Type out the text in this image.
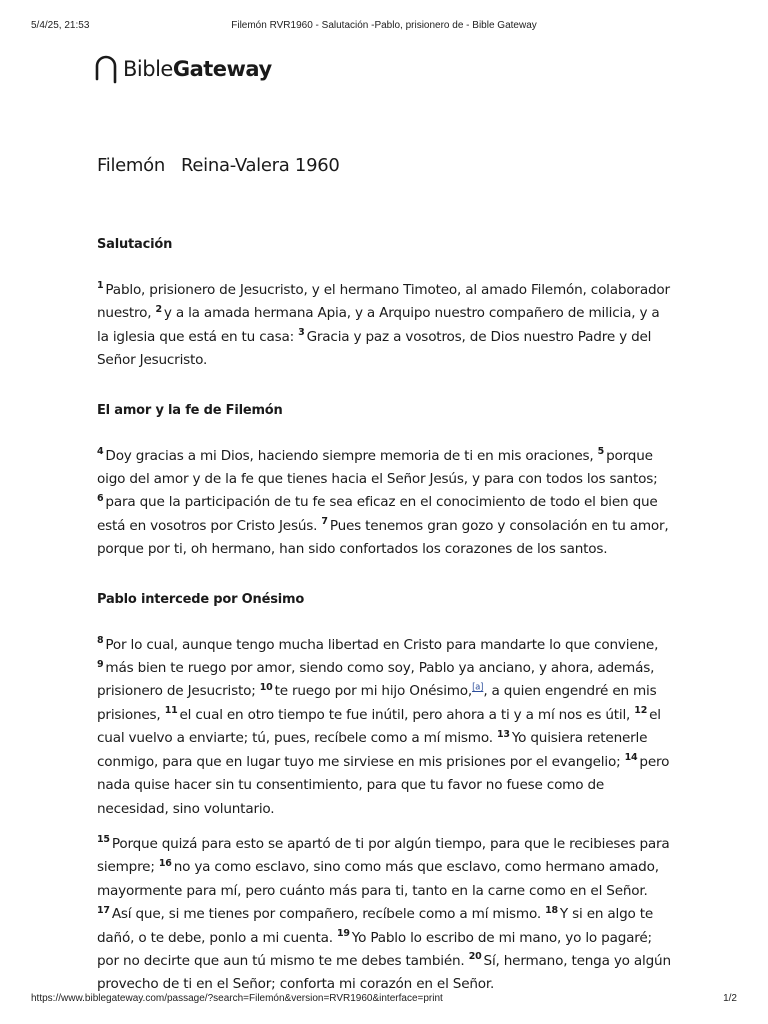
5/4/25, 21:53	Filemón RVR1960 - Salutación -Pablo, prisionero de - Bible Gateway
BibleGateway
Filemón Reina-Valera 1960
Salutación

$^1$ Pablo, prisionero de Jesucristo, y el hermano Timoteo, al amado Filemón, colaborador nuestro, $^2$ y a la amada hermana Apia, y a Arquipo nuestro compañero de milicia, y a la iglesia que está en tu casa: $^3$ Gracia y paz a vosotros, de Dios nuestro Padre y del Señor Jesucristo.

El amor y la fe de Filemón

$^4$ Doy gracias a mi Dios, haciendo siempre memoria de ti en mis oraciones, $^5$ porque oigo del amor y de la fe que tienes hacia el Señor Jesús, y para con todos los santos; $^6$ para que la participación de tu fe sea eficaz en el conocimiento de todo el bien que está en vosotros por Cristo Jesús. $^7$ Pues tenemos gran gozo y consolación en tu amor, porque por ti, oh hermano, han sido confortados los corazones de los santos.

Pablo intercede por Onésimo

$^8$ Por lo cual, aunque tengo mucha libertad en Cristo para mandarte lo que conviene, $^9$ más bien te ruego por amor, siendo como soy, Pablo ya anciano, y ahora, además, prisionero de Jesucristo; $^{10}$ te ruego por mi hijo Onésimo,[a], a quien engendré en mis prisiones, $^{11}$ el cual en otro tiempo te fue inútil, pero ahora a ti y a mí nos es útil, $^{12}$ el cual vuelvo a enviarte; tú, pues, recíbele como a mí mismo. $^{13}$ Yo quisiera retenerle conmigo, para que en lugar tuyo me sirviese en mis prisiones por el evangelio; $^{14}$ pero nada quise hacer sin tu consentimiento, para que tu favor no fuese como de necesidad, sino voluntario.

$^{15}$ Porque quizá para esto se apartó de ti por algún tiempo, para que le recibieses para siempre; $^{16}$ no ya como esclavo, sino como más que esclavo, como hermano amado, mayormente para mí, pero cuánto más para ti, tanto en la carne como en el Señor. $^{17}$ Así que, si me tienes por compañero, recíbele como a mí mismo. $^{18}$ Y si en algo te dañó, o te debe, ponlo a mi cuenta. $^{19}$ Yo Pablo lo escribo de mi mano, yo lo pagaré; por no decirte que aun tú mismo te me debes también. $^{20}$ Sí, hermano, tenga yo algún provecho de ti en el Señor; conforta mi corazón en el Señor.

https://www.biblegateway.com/passage/?search=Filemón&version=RVR1960&interface=print	1/2
